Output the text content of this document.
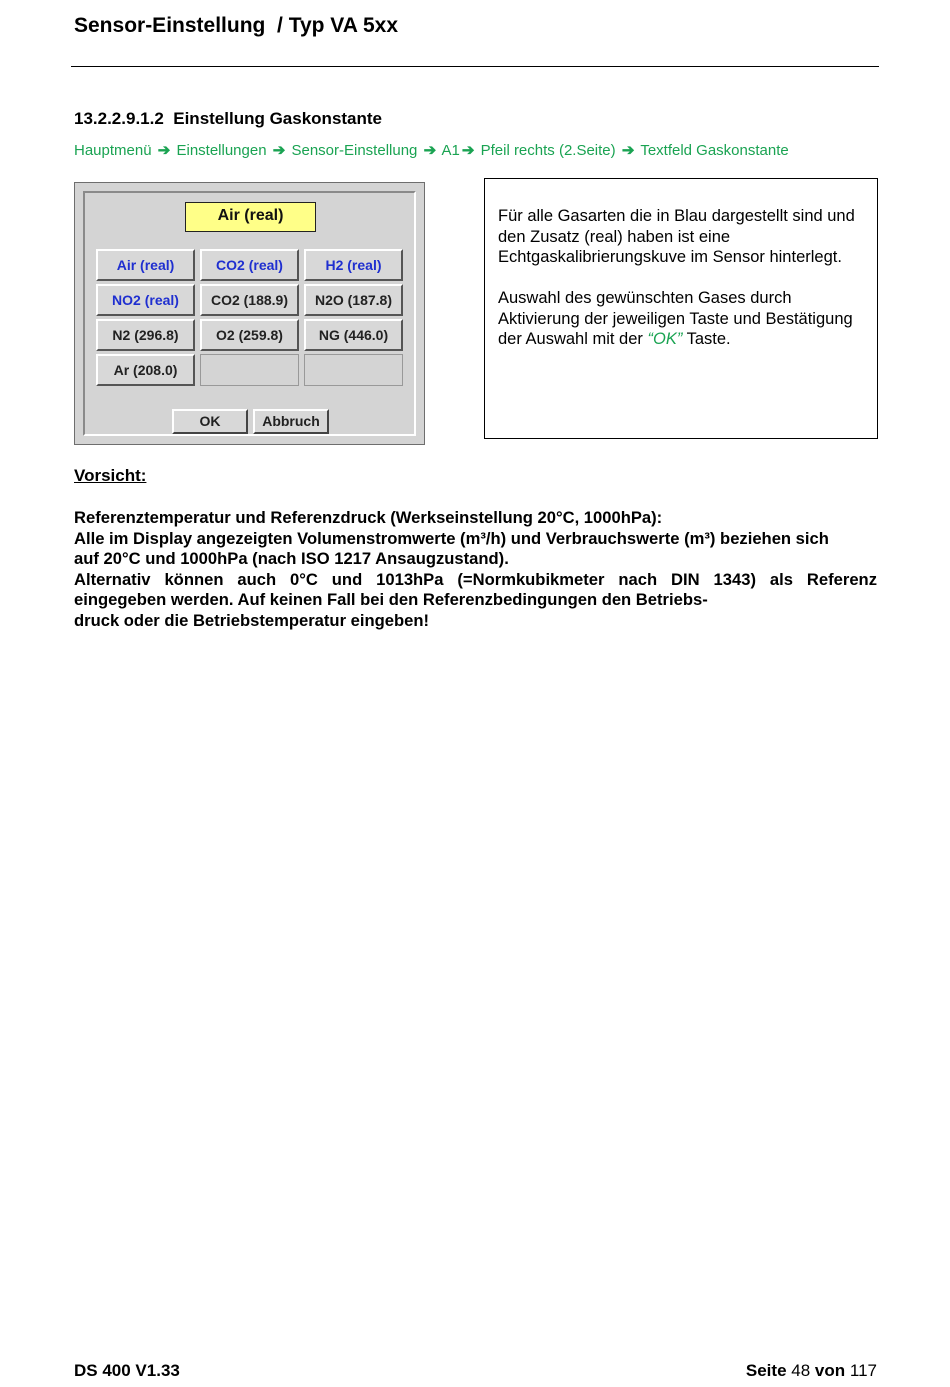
Sensor-Einstellung  / Typ VA 5xx
13.2.2.9.1.2  Einstellung Gaskonstante
Hauptmenü ➔ Einstellungen ➔ Sensor-Einstellung ➔ A1 ➔ Pfeil rechts (2.Seite) ➔ Textfeld Gaskonstante
Air (real)
Air (real)	CO2 (real)	H2 (real)
NO2 (real)	CO2 (188.9)	N2O (187.8)
N2 (296.8)	O2 (259.8)	NG (446.0)
Ar (208.0)
OK	Abbruch

Für alle Gasarten die in Blau dargestellt sind und den Zusatz (real) haben ist eine Echtgaskalibrierungskuve im Sensor hinterlegt.

Auswahl des gewünschten Gases durch Aktivierung der jeweiligen Taste und Bestätigung der Auswahl mit der “OK” Taste.

Vorsicht:
Referenztemperatur und Referenzdruck (Werkseinstellung 20°C, 1000hPa):
Alle im Display angezeigten Volumenstromwerte (m³/h) und Verbrauchswerte (m³) beziehen sich
auf 20°C und 1000hPa (nach ISO 1217 Ansaugzustand).
Alternativ können auch 0°C und 1013hPa (=Normkubikmeter nach DIN 1343) als Referenz
eingegeben werden. Auf keinen Fall bei den Referenzbedingungen den Betriebs-
druck oder die Betriebstemperatur eingeben!
DS 400 V1.33	Seite 48 von 117
